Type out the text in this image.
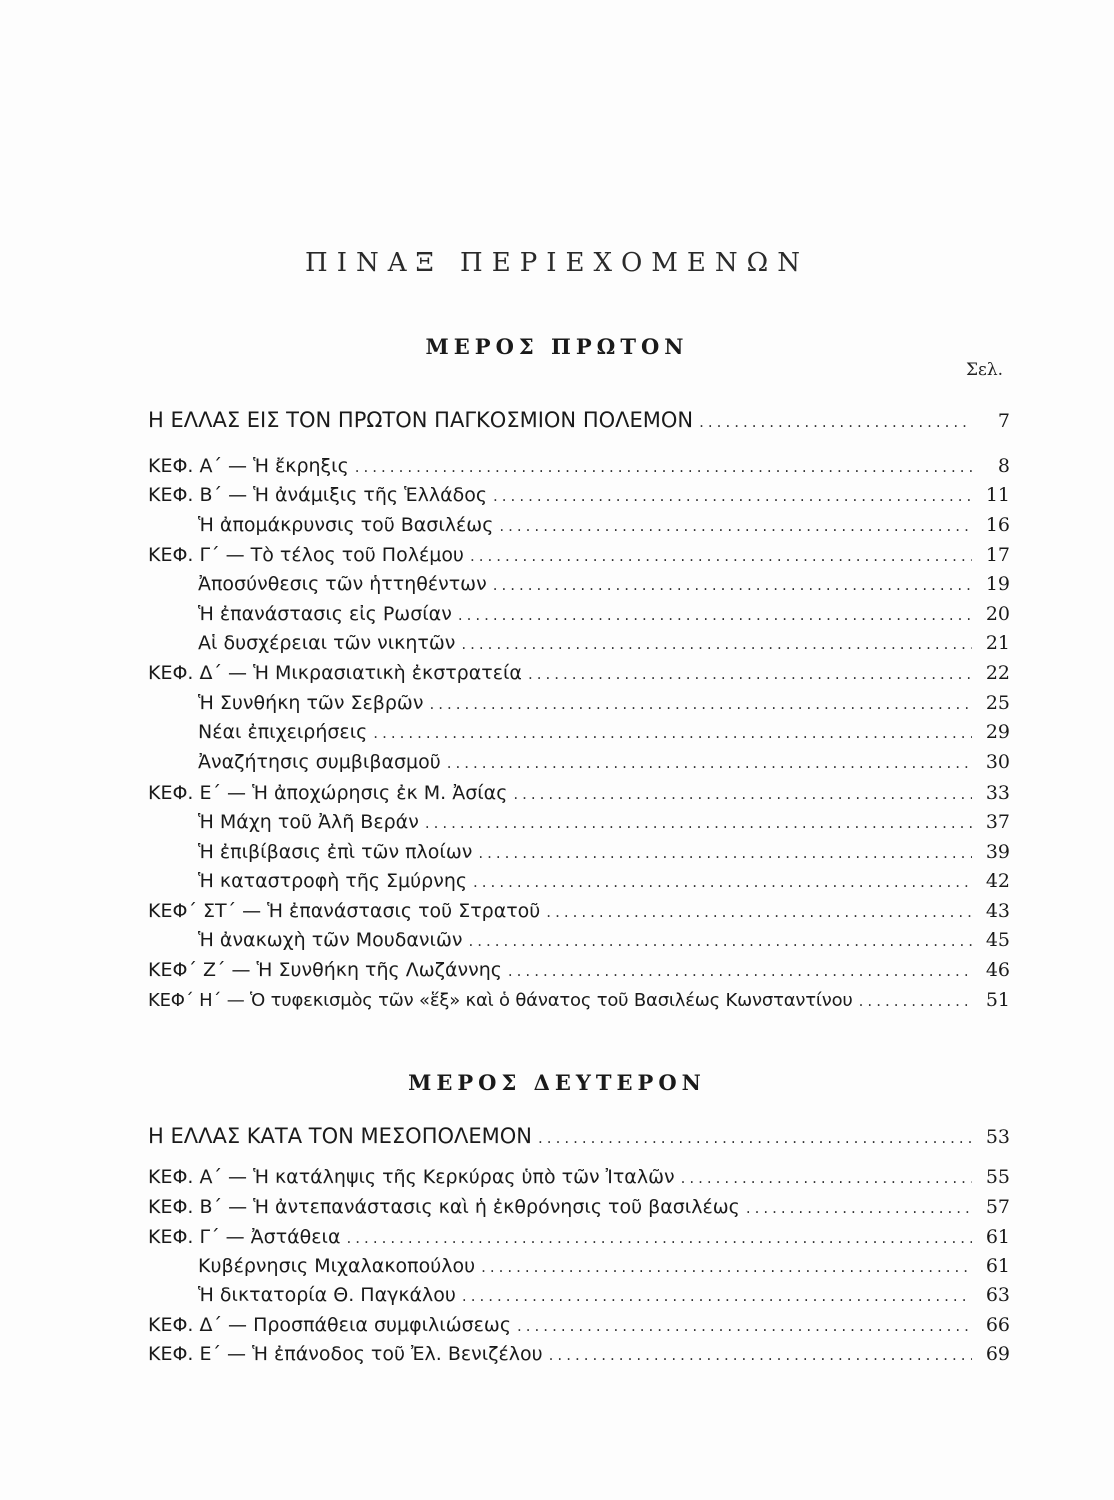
ΠΙΝΑΞ ΠΕΡΙΕΧΟΜΕΝΩΝ
ΜΕΡΟΣ ΠΡΩΤΟΝ
Σελ.
Η ΕΛΛΑΣ ΕΙΣ ΤΟΝ ΠΡΩΤΟΝ ΠΑΓΚΟΣΜΙΟΝ ΠΟΛΕΜΟΝ .....	7
ΚΕΦ. Α΄ — Ἡ ἔκρηξις .....	8
ΚΕΦ. Β΄ — Ἡ ἀνάμιξις τῆς Ἑλλάδος .....	11
Ἡ ἀπομάκρυνσις τοῦ Βασιλέως .....	16
ΚΕΦ. Γ΄ — Τὸ τέλος τοῦ Πολέμου .....	17
Ἀποσύνθεσις τῶν ἡττηθέντων .....	19
Ἡ ἐπανάστασις εἰς Ρωσίαν .....	20
Αἱ δυσχέρειαι τῶν νικητῶν .....	21
ΚΕΦ. Δ΄ — Ἡ Μικρασιατικὴ ἐκστρατεία .....	22
Ἡ Συνθήκη τῶν Σεβρῶν .....	25
Νέαι ἐπιχειρήσεις .....	29
Ἀναζήτησις συμβιβασμοῦ .....	30
ΚΕΦ. Ε΄ — Ἡ ἀποχώρησις ἐκ Μ. Ἀσίας .....	33
Ἡ Μάχη τοῦ Ἀλῆ Βεράν .....	37
Ἡ ἐπιβίβασις ἐπὶ τῶν πλοίων .....	39
Ἡ καταστροφὴ τῆς Σμύρνης .....	42
ΚΕΦ΄ ΣΤ΄ — Ἡ ἐπανάστασις τοῦ Στρατοῦ .....	43
Ἡ ἀνακωχὴ τῶν Μουδανιῶν .....	45
ΚΕΦ΄ Ζ΄ — Ἡ Συνθήκη τῆς Λωζάννης .....	46
ΚΕΦ΄ Η΄ — Ὁ τυφεκισμὸς τῶν «ἕξ» καὶ ὁ θάνατος τοῦ Βασιλέως Κωνσταντίνου .....	51
ΜΕΡΟΣ ΔΕΥΤΕΡΟΝ
Η ΕΛΛΑΣ ΚΑΤΑ ΤΟΝ ΜΕΣΟΠΟΛΕΜΟΝ .....	53
ΚΕΦ. Α΄ — Ἡ κατάληψις τῆς Κερκύρας ὑπὸ τῶν Ἰταλῶν .....	55
ΚΕΦ. Β΄ — Ἡ ἀντεπανάστασις καὶ ἡ ἐκθρόνησις τοῦ βασιλέως .....	57
ΚΕΦ. Γ΄ — Ἀστάθεια .....	61
Κυβέρνησις Μιχαλακοπούλου .....	61
Ἡ δικτατορία Θ. Παγκάλου .....	63
ΚΕΦ. Δ΄ — Προσπάθεια συμφιλιώσεως .....	66
ΚΕΦ. Ε΄ — Ἡ ἐπάνοδος τοῦ Ἐλ. Βενιζέλου .....	69
